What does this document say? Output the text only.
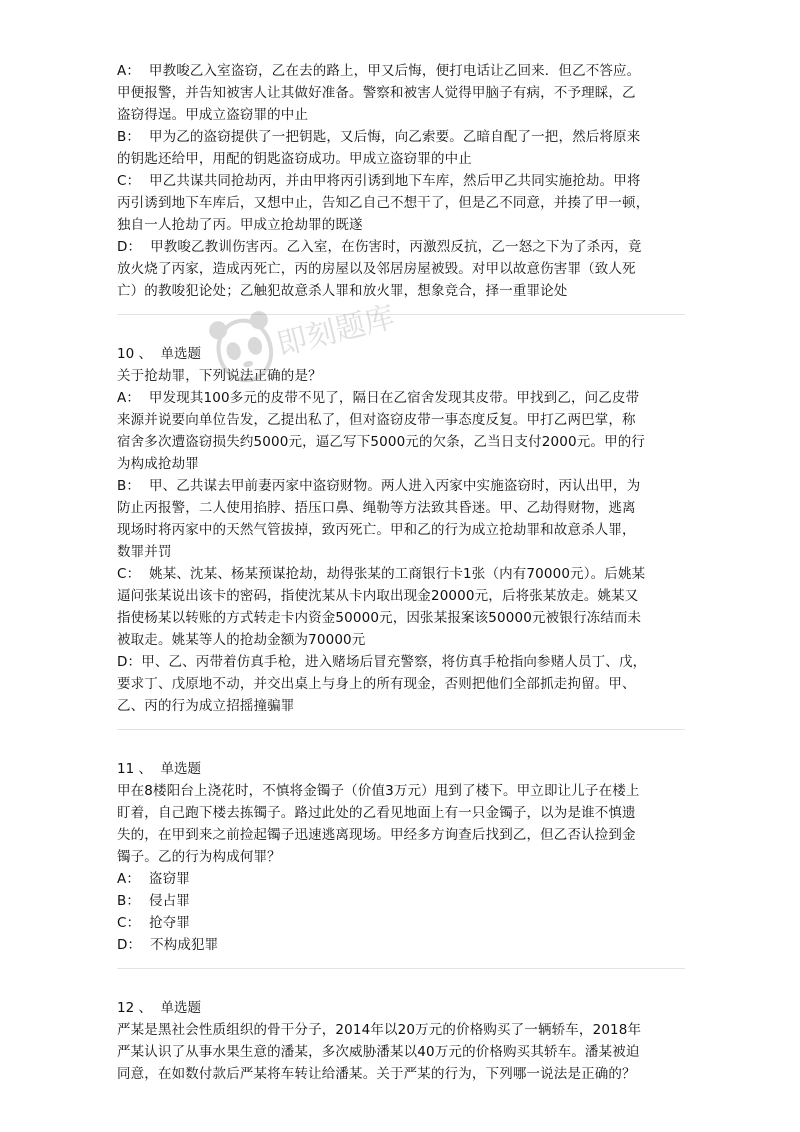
A：  甲教唆乙入室盗窃，乙在去的路上，甲又后悔，便打电话让乙回来．但乙不答应。
甲便报警，并告知被害人让其做好准备。警察和被害人觉得甲脑子有病，不予理睬，乙
盗窃得逞。甲成立盗窃罪的中止
B：  甲为乙的盗窃提供了一把钥匙，又后悔，向乙索要。乙暗自配了一把，然后将原来
的钥匙还给甲，用配的钥匙盗窃成功。甲成立盗窃罪的中止
C：  甲乙共谋共同抢劫丙，并由甲将丙引诱到地下车库，然后甲乙共同实施抢劫。甲将
丙引诱到地下车库后，又想中止，告知乙自己不想干了，但是乙不同意，并揍了甲一顿，
独自一人抢劫了丙。甲成立抢劫罪的既遂
D：  甲教唆乙教训伤害丙。乙入室，在伤害时，丙激烈反抗，乙一怒之下为了杀丙，竟
放火烧了丙家，造成丙死亡，丙的房屋以及邻居房屋被毁。对甲以故意伤害罪（致人死
亡）的教唆犯论处；乙触犯故意杀人罪和放火罪，想象竞合，择一重罪论处
10 、  单选题
关于抢劫罪，下列说法正确的是？
A：  甲发现其100多元的皮带不见了，隔日在乙宿舍发现其皮带。甲找到乙，问乙皮带
来源并说要向单位告发，乙提出私了，但对盗窃皮带一事态度反复。甲打乙两巴掌，称
宿舍多次遭盗窃损失约5000元，逼乙写下5000元的欠条，乙当日支付2000元。甲的行
为构成抢劫罪
B：  甲、乙共谋去甲前妻丙家中盗窃财物。两人进入丙家中实施盗窃时，丙认出甲，为
防止丙报警，二人使用掐脖、捂压口鼻、绳勒等方法致其昏迷。甲、乙劫得财物，逃离
现场时将丙家中的天然气管拔掉，致丙死亡。甲和乙的行为成立抢劫罪和故意杀人罪，
数罪并罚
C：  姚某、沈某、杨某预谋抢劫，劫得张某的工商银行卡1张（内有70000元）。后姚某
逼问张某说出该卡的密码，指使沈某从卡内取出现金20000元，后将张某放走。姚某又
指使杨某以转账的方式转走卡内资金50000元，因张某报案该50000元被银行冻结而未
被取走。姚某等人的抢劫金额为70000元
D：甲、乙、丙带着仿真手枪，进入赌场后冒充警察，将仿真手枪指向参赌人员丁、戊，
要求丁、戊原地不动，并交出桌上与身上的所有现金，否则把他们全部抓走拘留。甲、
乙、丙的行为成立招摇撞骗罪
11 、  单选题
甲在8楼阳台上浇花时，不慎将金镯子（价值3万元）甩到了楼下。甲立即让儿子在楼上
盯着，自己跑下楼去拣镯子。路过此处的乙看见地面上有一只金镯子，以为是谁不慎遗
失的，在甲到来之前捡起镯子迅速逃离现场。甲经多方询查后找到乙，但乙否认捡到金
镯子。乙的行为构成何罪？
A：  盗窃罪
B：  侵占罪
C：  抢夺罪
D：  不构成犯罪
12 、  单选题
严某是黑社会性质组织的骨干分子，2014年以20万元的价格购买了一辆轿车，2018年
严某认识了从事水果生意的潘某，多次威胁潘某以40万元的价格购买其轿车。潘某被迫
同意，在如数付款后严某将车转让给潘某。关于严某的行为，下列哪一说法是正确的？
即刻题库
